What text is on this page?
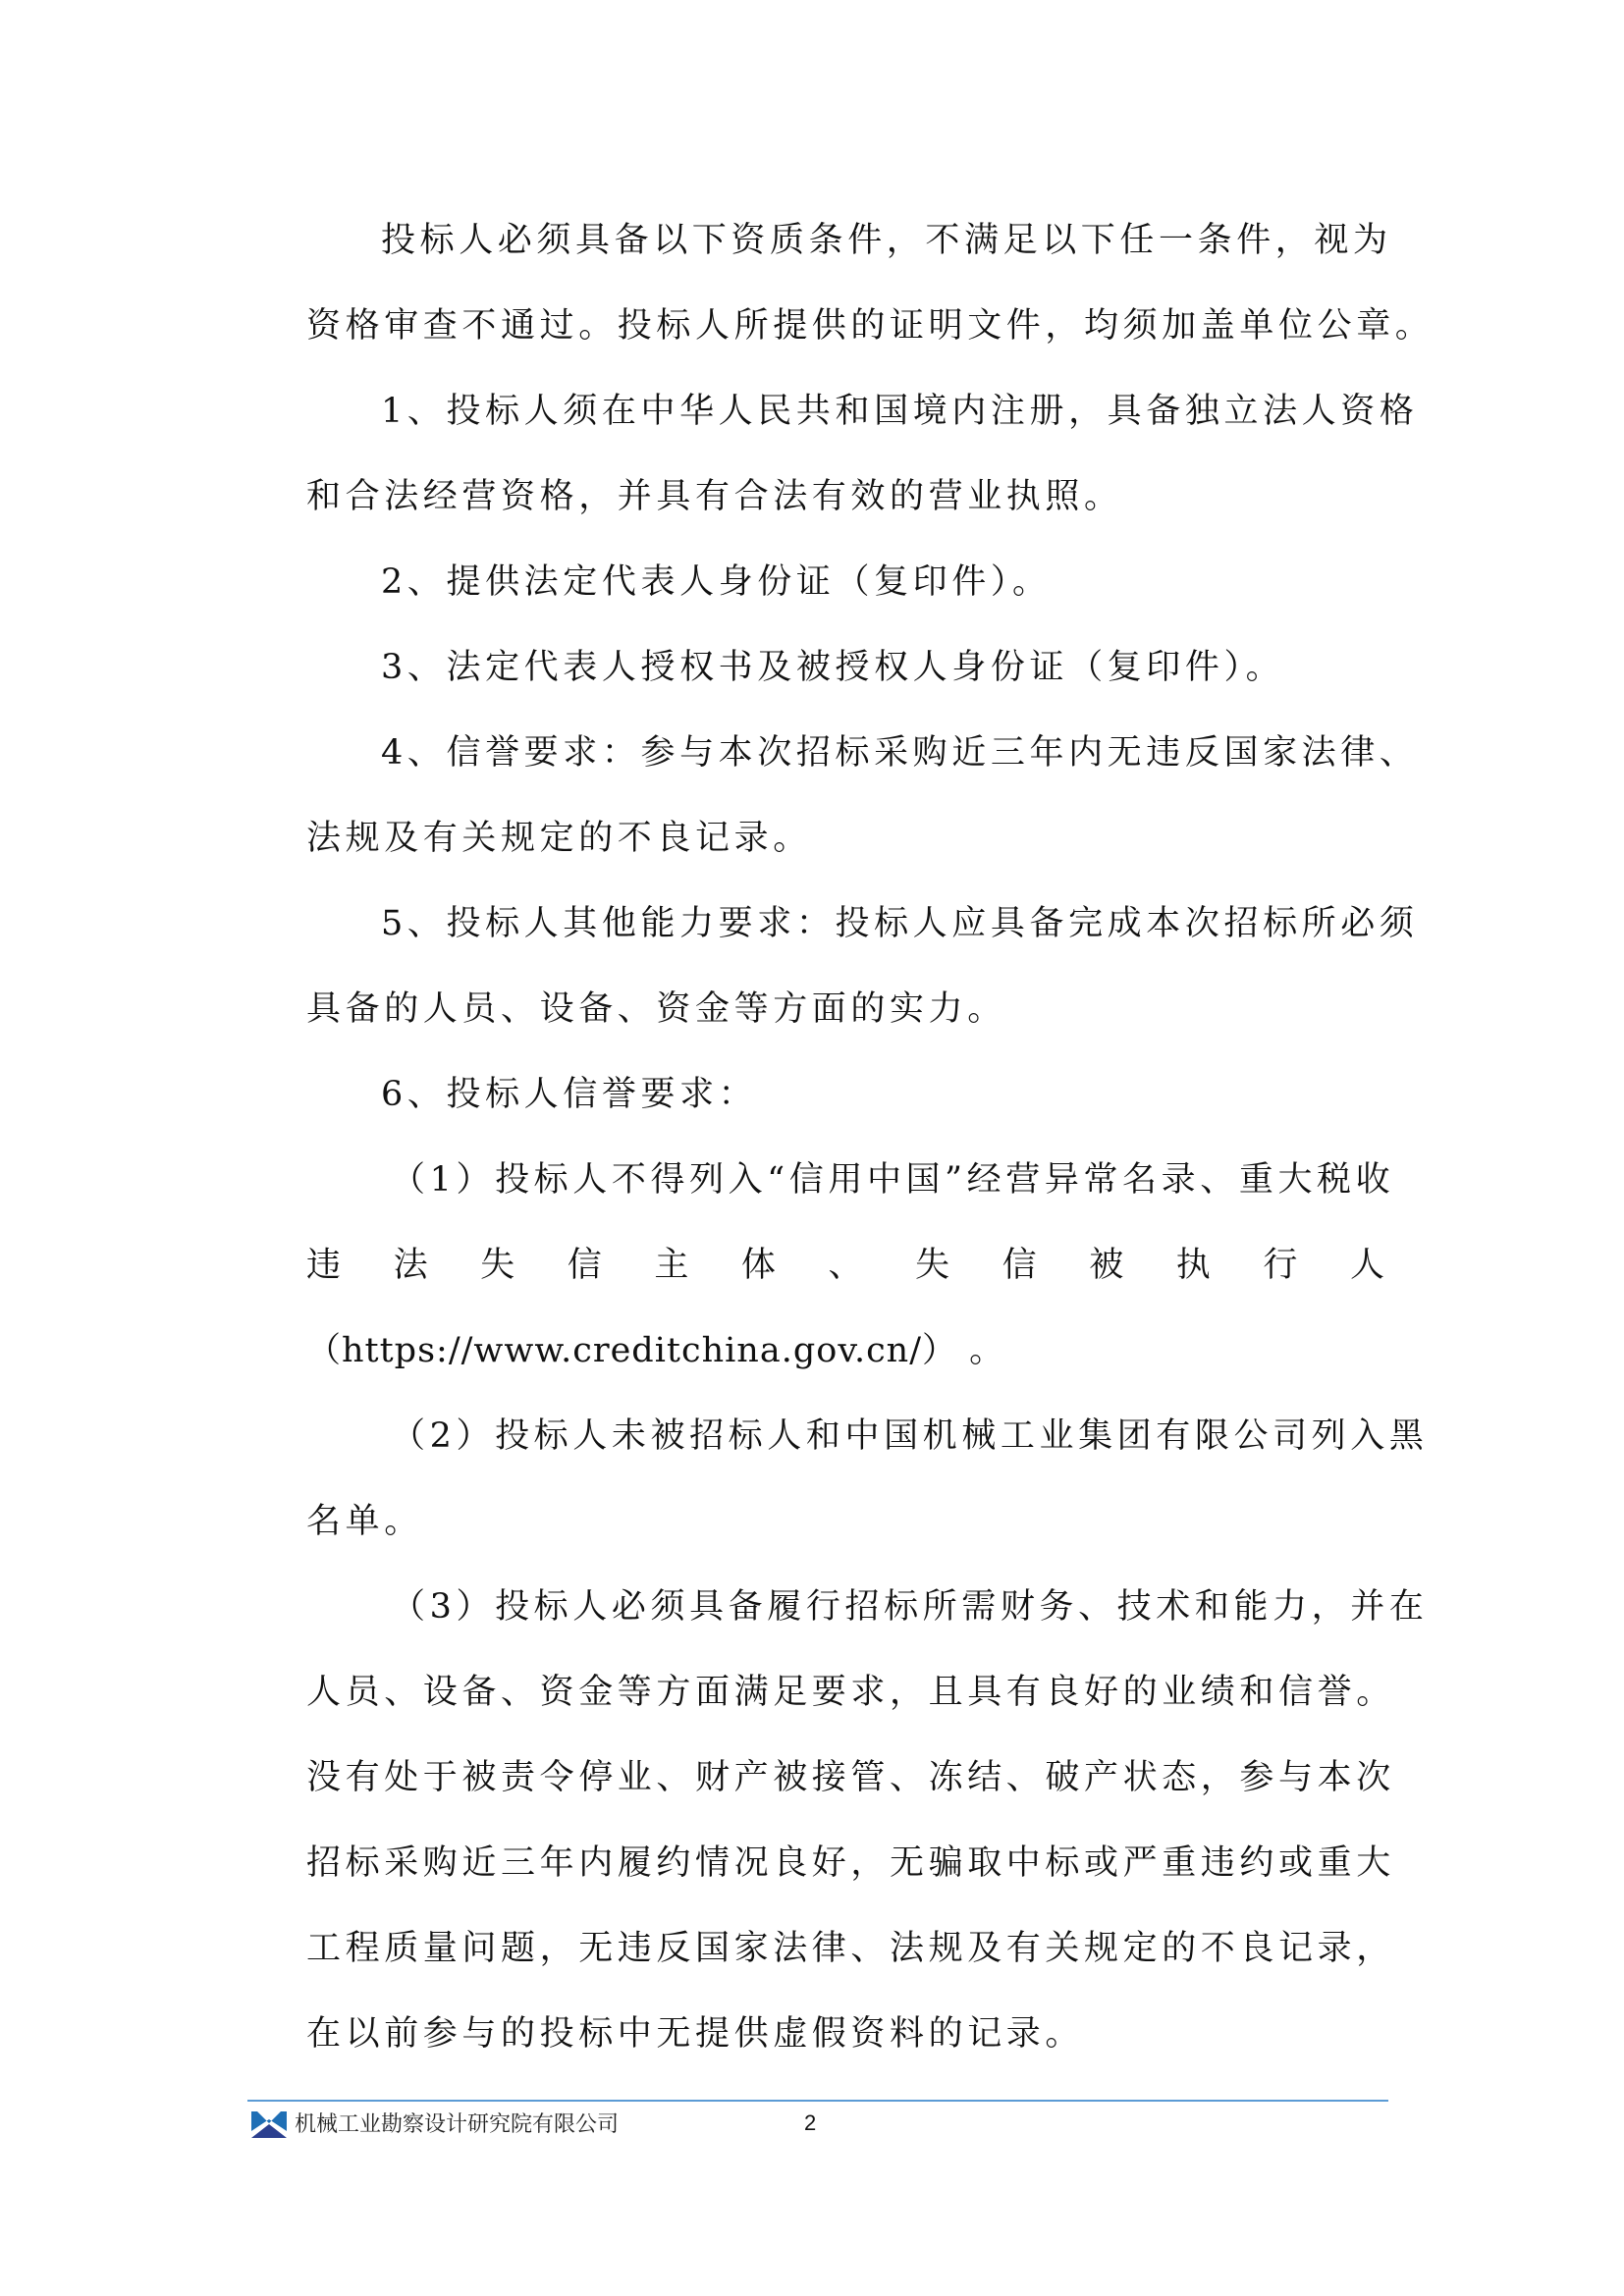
投标人必须具备以下资质条件，不满足以下任一条件，视为
资格审查不通过。投标人所提供的证明文件，均须加盖单位公章。
1、投标人须在中华人民共和国境内注册，具备独立法人资格
和合法经营资格，并具有合法有效的营业执照。
2、提供法定代表人身份证（复印件）。
3、法定代表人授权书及被授权人身份证（复印件）。
4、信誉要求：参与本次招标采购近三年内无违反国家法律、
法规及有关规定的不良记录。
5、投标人其他能力要求：投标人应具备完成本次招标所必须
具备的人员、设备、资金等方面的实力。
6、投标人信誉要求：
（1）投标人不得列入“信用中国”经营异常名录、重大税收
违 法 失 信 主 体 、 失 信 被 执 行 人
（https://www.creditchina.gov.cn/） 。
（2）投标人未被招标人和中国机械工业集团有限公司列入黑
名单。
（3）投标人必须具备履行招标所需财务、技术和能力，并在
人员、设备、资金等方面满足要求，且具有良好的业绩和信誉。
没有处于被责令停业、财产被接管、冻结、破产状态，参与本次
招标采购近三年内履约情况良好，无骗取中标或严重违约或重大
工程质量问题，无违反国家法律、法规及有关规定的不良记录，
在以前参与的投标中无提供虚假资料的记录。
机械工业勘察设计研究院有限公司	2
